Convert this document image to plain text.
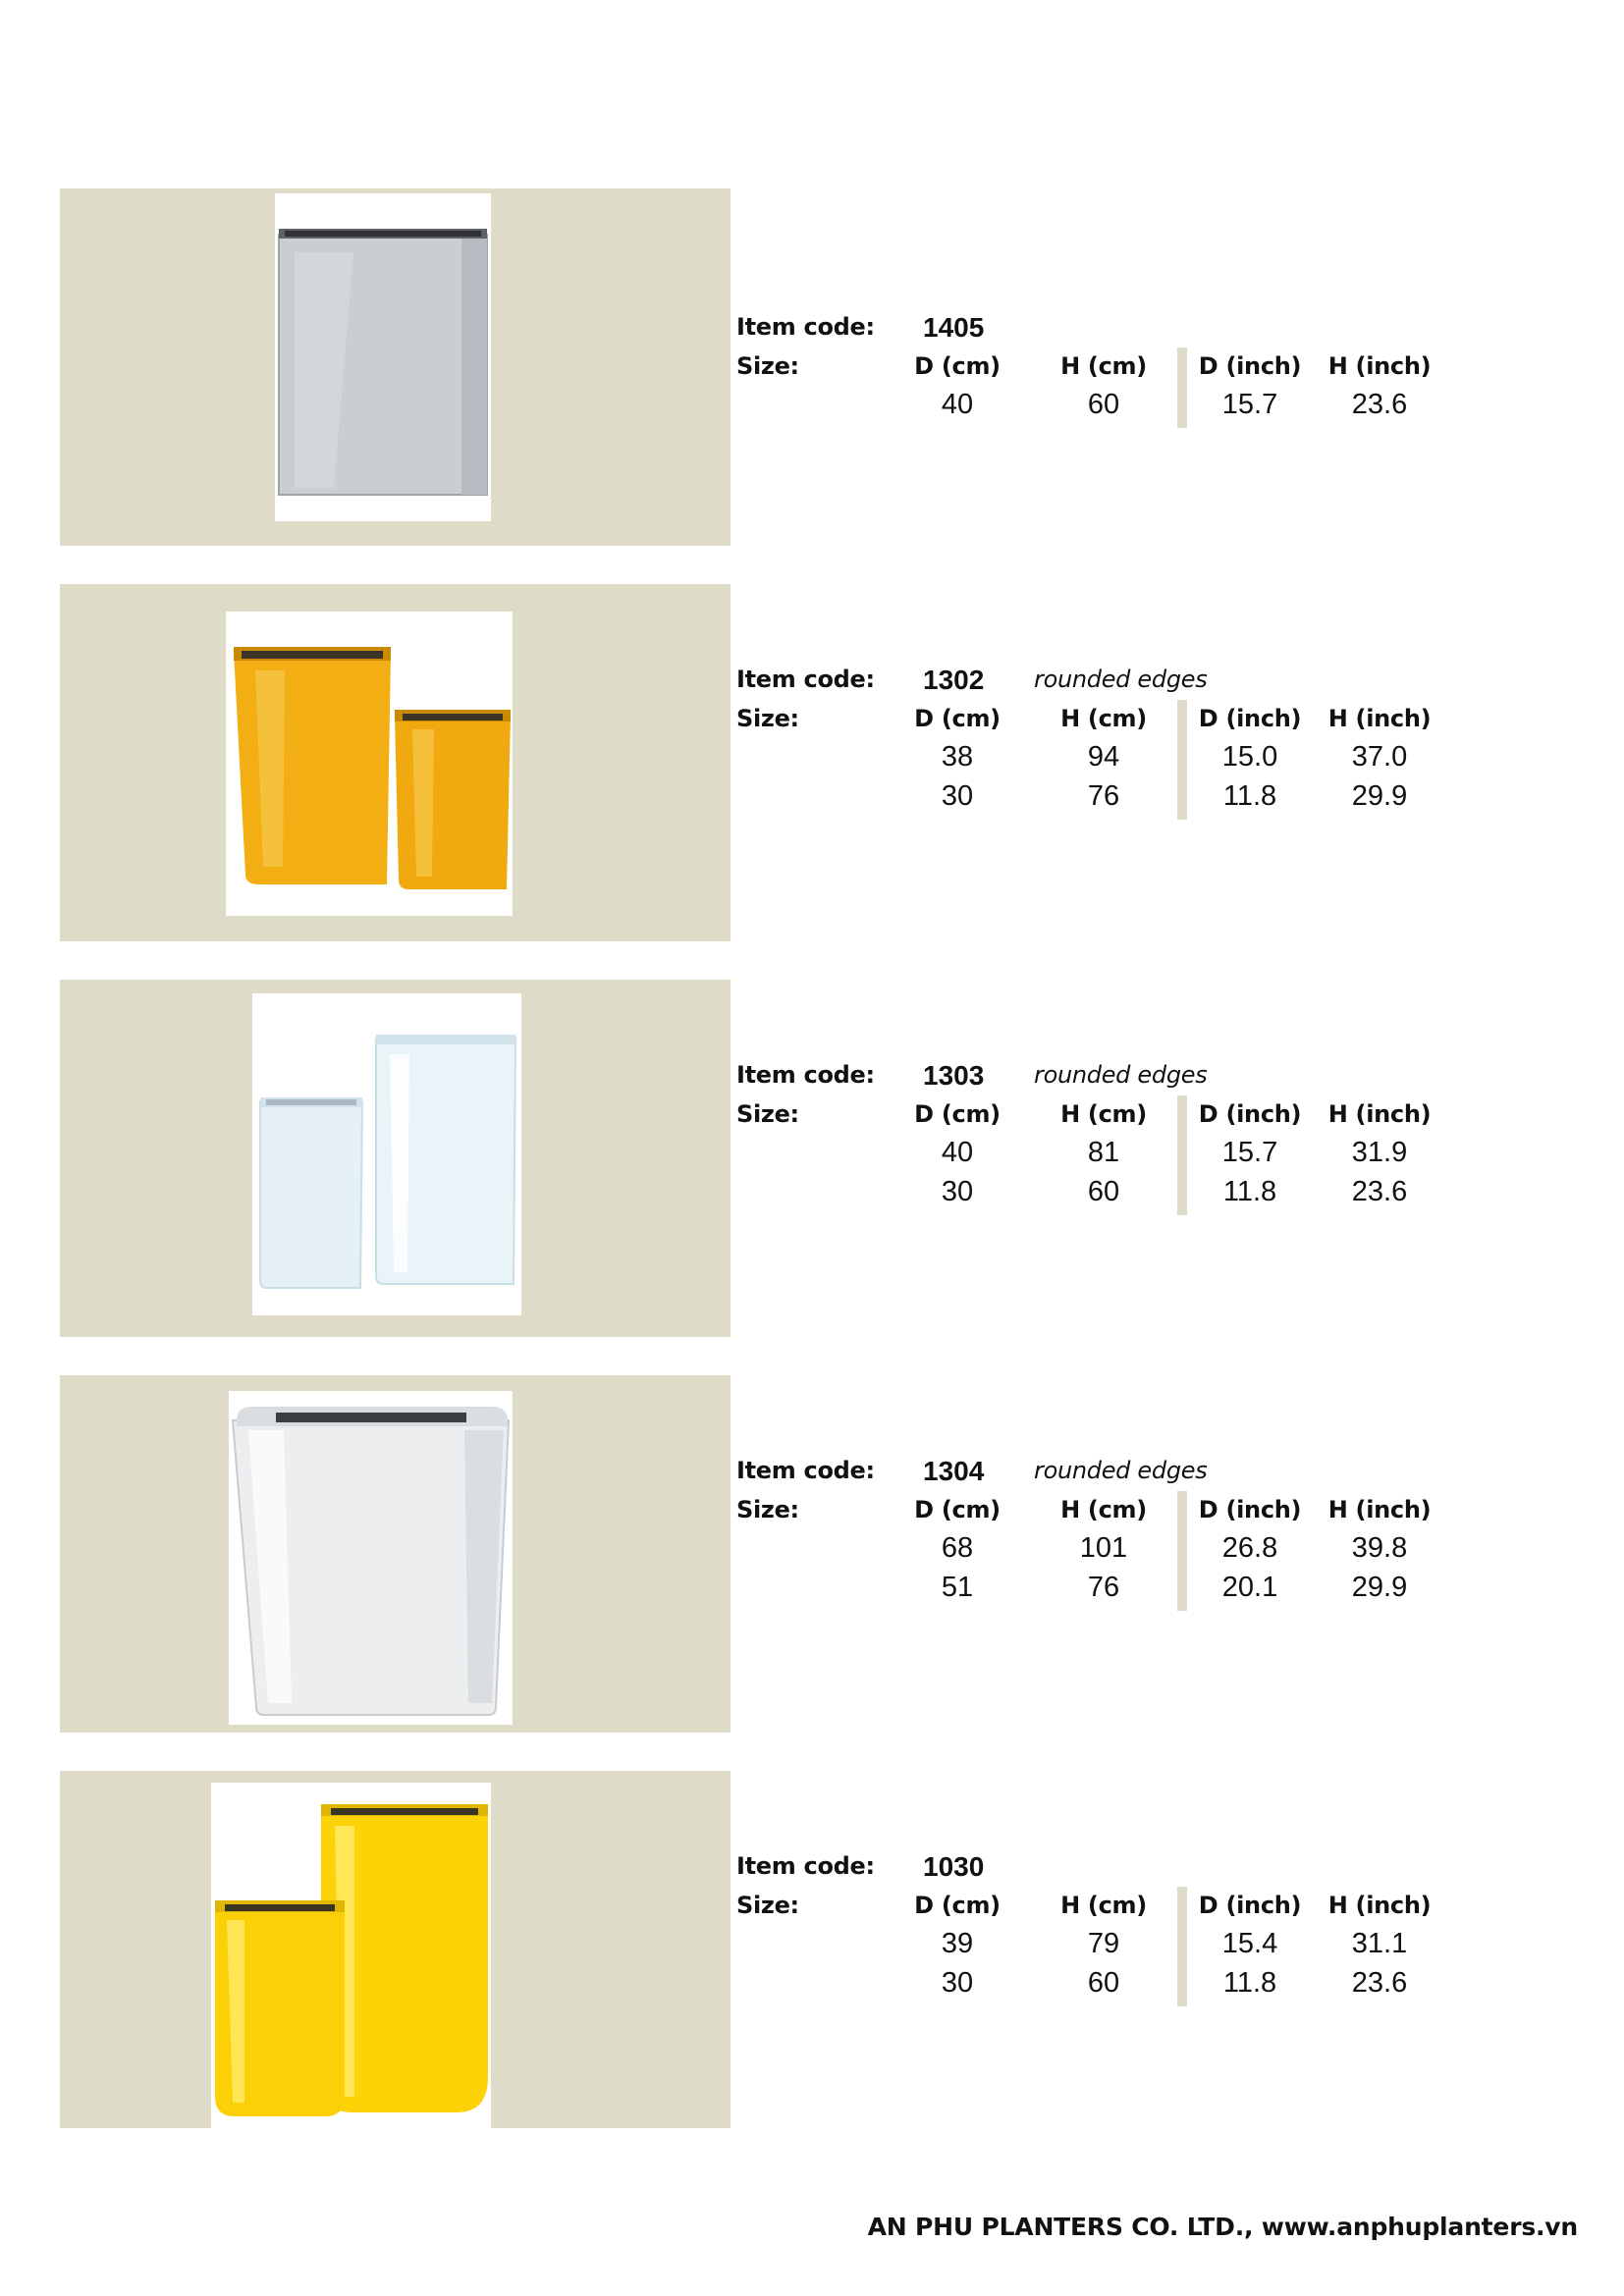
Item code: 1405
Size:	D (cm)	H (cm)	D (inch)	H (inch)
40	60	15.7	23.6
Item code: 1302 rounded edges
Size:	D (cm)	H (cm)	D (inch)	H (inch)
38	94	15.0	37.0
30	76	11.8	29.9
Item code: 1303 rounded edges
Size:	D (cm)	H (cm)	D (inch)	H (inch)
40	81	15.7	31.9
30	60	11.8	23.6
Item code: 1304 rounded edges
Size:	D (cm)	H (cm)	D (inch)	H (inch)
68	101	26.8	39.8
51	76	20.1	29.9
Item code: 1030
Size:	D (cm)	H (cm)	D (inch)	H (inch)
39	79	15.4	31.1
30	60	11.8	23.6
AN PHU PLANTERS CO. LTD., www.anphuplanters.vn
